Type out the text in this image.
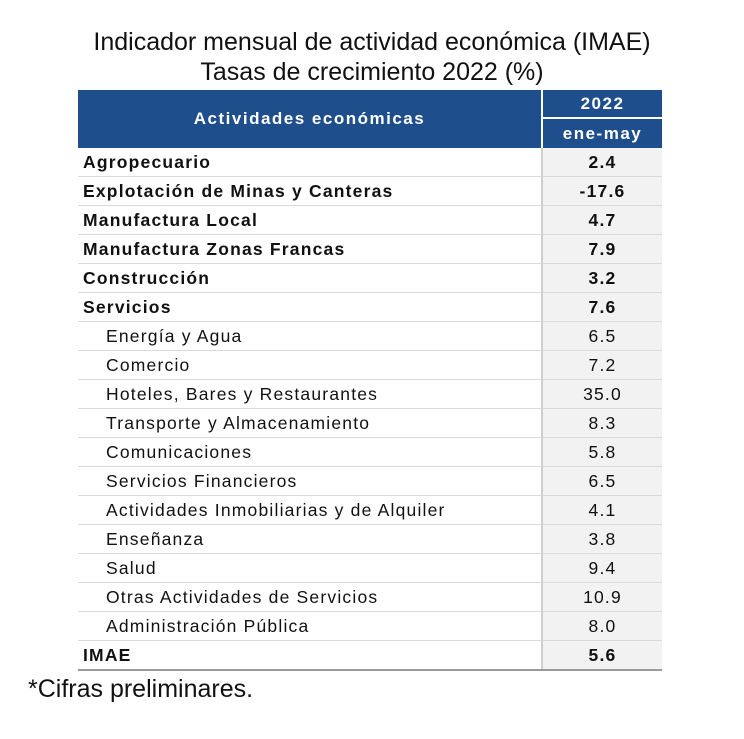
Indicador mensual de actividad económica (IMAE)
Tasas de crecimiento 2022 (%)
Actividades económicas	2022
	ene-may
Agropecuario	2.4
Explotación de Minas y Canteras	-17.6
Manufactura Local	4.7
Manufactura Zonas Francas	7.9
Construcción	3.2
Servicios	7.6
Energía y Agua	6.5
Comercio	7.2
Hoteles, Bares y Restaurantes	35.0
Transporte y Almacenamiento	8.3
Comunicaciones	5.8
Servicios Financieros	6.5
Actividades Inmobiliarias y de Alquiler	4.1
Enseñanza	3.8
Salud	9.4
Otras Actividades de Servicios	10.9
Administración Pública	8.0
IMAE	5.6
*Cifras preliminares.
